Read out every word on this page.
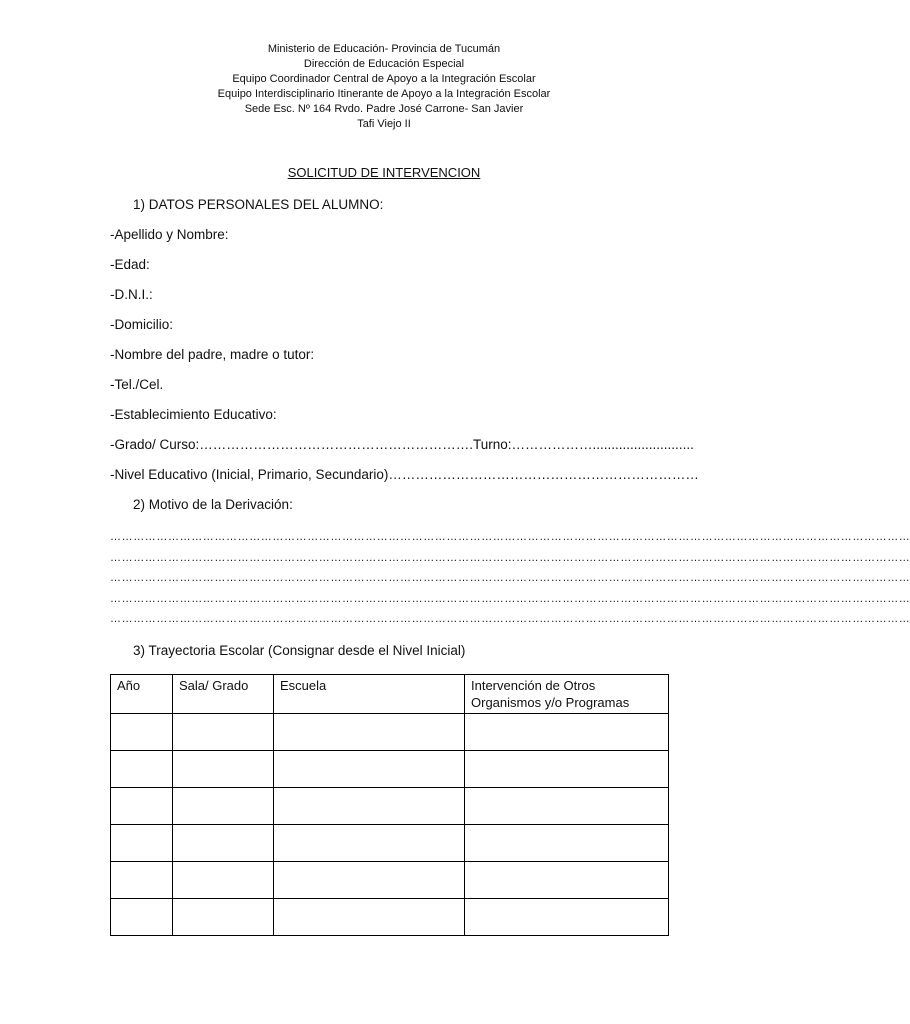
Ministerio de Educación- Provincia de Tucumán
Dirección de Educación Especial
Equipo Coordinador Central de Apoyo a la Integración Escolar
Equipo Interdisciplinario Itinerante de Apoyo a la Integración Escolar
Sede Esc. Nº 164 Rvdo. Padre José Carrone- San Javier
Tafi Viejo II
SOLICITUD DE INTERVENCION
1) DATOS PERSONALES DEL ALUMNO:
-Apellido y Nombre:
-Edad:
-D.N.I.:
-Domicilio:
-Nombre del padre, madre o tutor:
-Tel./Cel.
-Establecimiento Educativo:
-Grado/ Curso:…………………………………………………….Turno:………………...........................
-Nivel Educativo (Inicial, Primario, Secundario)……………………………………………………………
2) Motivo de la Derivación:
………………………………………………………………………………………………………………………………………………………………………………………
………………………………………………………………………………………………………………………………………………………………………………………
………………………………………………………………………………………………………………………………………………………………………………………
………………………………………………………………………………………………………………………………………………………………………………………
………………………………………………………………………………………………………………………………………………………………………………………
3) Trayectoria Escolar (Consignar desde el Nivel Inicial)
Año	Sala/ Grado	Escuela	Intervención de Otros Organismos y/o Programas
